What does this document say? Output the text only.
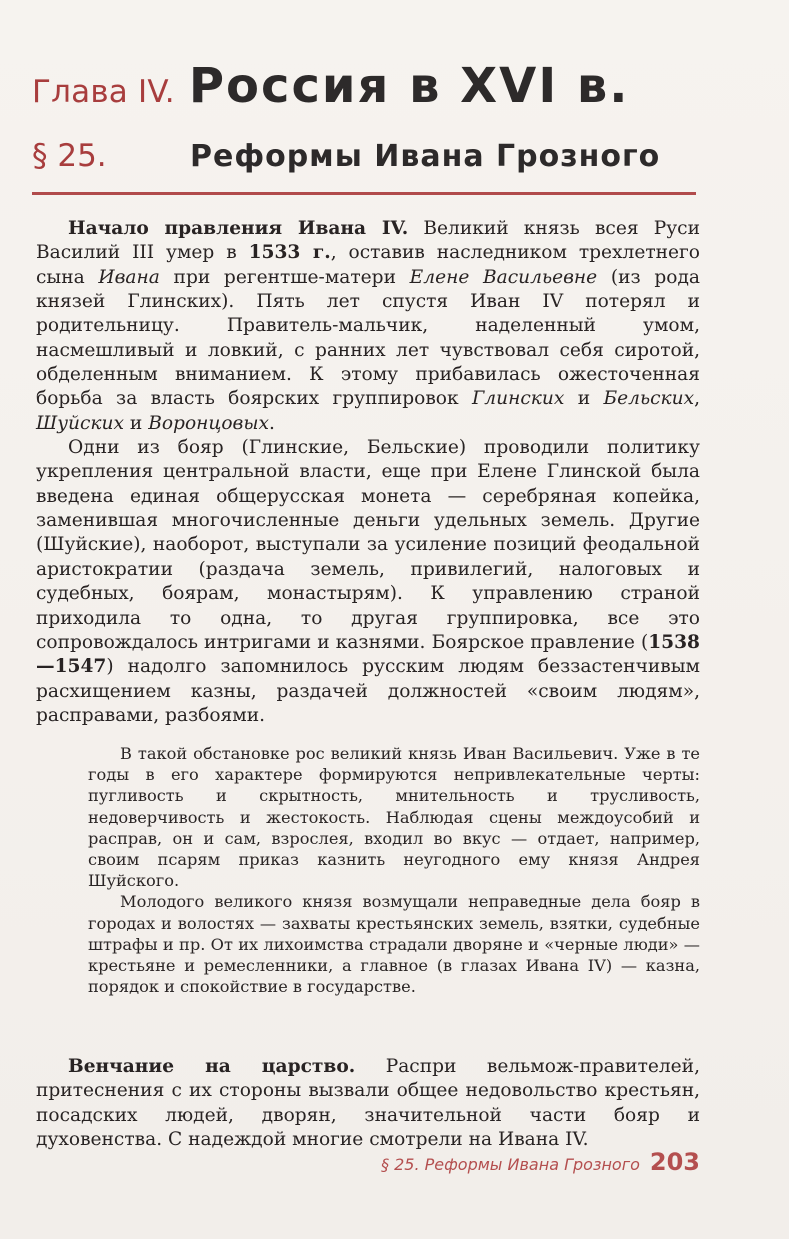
Глава IV. Россия в XVI в.
§ 25.	Реформы Ивана Грозного

Начало правления Ивана IV. Великий князь всея Руси Василий III умер в 1533 г., оставив наследником трехлетнего сына Ивана при регентше-матери Елене Васильевне (из рода князей Глинских). Пять лет спустя Иван IV потерял и родительницу. Правитель-мальчик, наделенный умом, насмешливый и ловкий, с ранних лет чувствовал себя сиротой, обделенным вниманием. К этому прибавилась ожесточенная борьба за власть боярских группировок Глинских и Бельских, Шуйских и Воронцовых.

Одни из бояр (Глинские, Бельские) проводили политику укрепления центральной власти, еще при Елене Глинской была введена единая общерусская монета — серебряная копейка, заменившая многочисленные деньги удельных земель. Другие (Шуйские), наоборот, выступали за усиление позиций феодальной аристократии (раздача земель, привилегий, налоговых и судебных, боярам, монастырям). К управлению страной приходила то одна, то другая группировка, все это сопровождалось интригами и казнями. Боярское правление (1538—1547) надолго запомнилось русским людям беззастенчивым расхищением казны, раздачей должностей «своим людям», расправами, разбоями.

В такой обстановке рос великий князь Иван Васильевич. Уже в те годы в его характере формируются непривлекательные черты: пугливость и скрытность, мнительность и трусливость, недоверчивость и жестокость. Наблюдая сцены междоусобий и расправ, он и сам, взрослея, входил во вкус — отдает, например, своим псарям приказ казнить неугодного ему князя Андрея Шуйского.

Молодого великого князя возмущали неправедные дела бояр в городах и волостях — захваты крестьянских земель, взятки, судебные штрафы и пр. От их лихоимства страдали дворяне и «черные люди» — крестьяне и ремесленники, а главное (в глазах Ивана IV) — казна, порядок и спокойствие в государстве.

Венчание на царство. Распри вельмож-правителей, притеснения с их стороны вызвали общее недовольство крестьян, посадских людей, дворян, значительной части бояр и духовенства. С надеждой многие смотрели на Ивана IV.

§ 25. Реформы Ивана Грозного 203
